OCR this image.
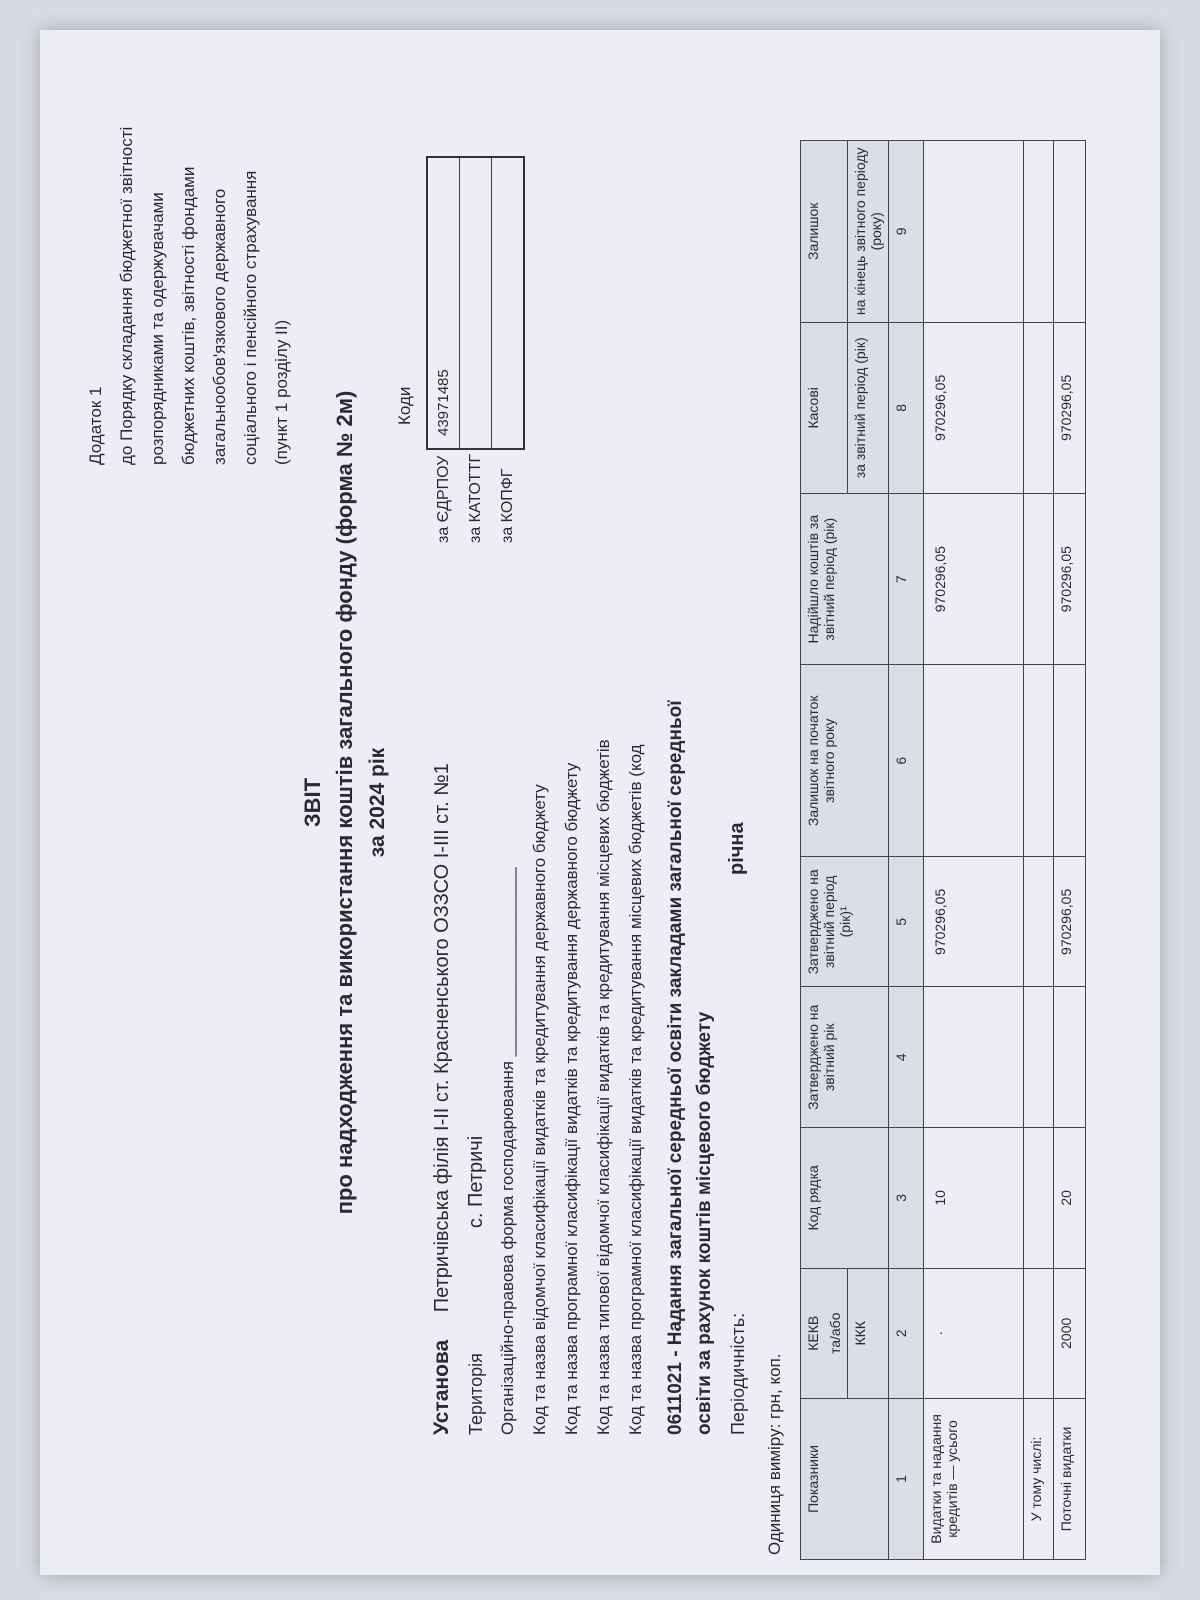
Додаток 1 до Порядку складання бюджетної звітності розпорядниками та одержувачами бюджетних коштів, звітності фондами загальнообов'язкового державного соціального і пенсійного страхування (пункт 1 розділу II)
ЗВІТ про надходження та використання коштів загального фонду (форма № 2м) за 2024 рік
Коди
за ЄДРПОУ
43971485
за КАТОТТГ за КОПФГ
Установа Петричівська філія І-ІІ ст. Красненського ОЗЗСО І-ІІІ ст. №1
Територія с. Петричі Організаційно-правова форма господарювання ____________________ Код та назва відомчої класифікації видатків та кредитування державного бюджету Код та назва програмної класифікації видатків та кредитування державного бюджету Код та назва типової відомчої класифікації видатків та кредитування місцевих бюджетів Код та назва програмної класифікації видатків та кредитування місцевих бюджетів (код 0611021 - Надання загальної середньої освіти закладами загальної середньої освіти за рахунок коштів місцевого бюджету Періодичність:
річна
Одиниця виміру: грн, коп. Показники	КЕКВ та/або	Код рядка	Затверджено на звітний рік	Затверджено на звітний період (рік)¹	Залишок на початок звітного року	Надійшло коштів за звітний період (рік)	Касові	Залишок
	ККК						за звітний період (рік)	на кінець звітного періоду (року)
1	2	3	4	5	6	7	8	9
Видатки та надання кредитів — усього	·	10		970296,05		970296,05	970296,05	
У тому числі:								
Поточні видатки	2000	20		970296,05		970296,05	970296,05	
